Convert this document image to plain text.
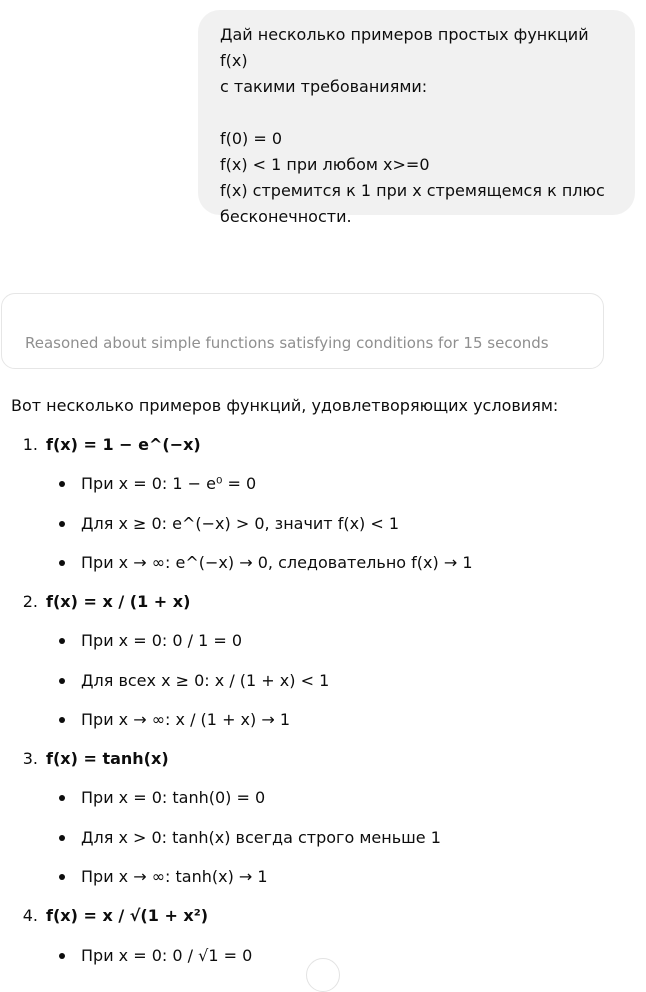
Дай несколько примеров простых функций f(x)

с такими требованиями:

f(0) = 0

f(x) < 1 при любом x>=0

f(x) стремится к 1 при x стремящемся к плюс

бесконечности.

Reasoned about simple functions satisfying conditions for 15 seconds
Вот несколько примеров функций, удовлетворяющих условиям:
1. f(x) = 1 − e^(−x)
При x = 0: 1 − e⁰ = 0
Для x ≥ 0: e^(−x) > 0, значит f(x) < 1
При x → ∞: e^(−x) → 0, следовательно f(x) → 1
2. f(x) = x / (1 + x)
При x = 0: 0 / 1 = 0
Для всех x ≥ 0: x / (1 + x) < 1
При x → ∞: x / (1 + x) → 1
3. f(x) = tanh(x)
При x = 0: tanh(0) = 0
Для x > 0: tanh(x) всегда строго меньше 1
При x → ∞: tanh(x) → 1
4. f(x) = x / √(1 + x²)
При x = 0: 0 / √1 = 0
